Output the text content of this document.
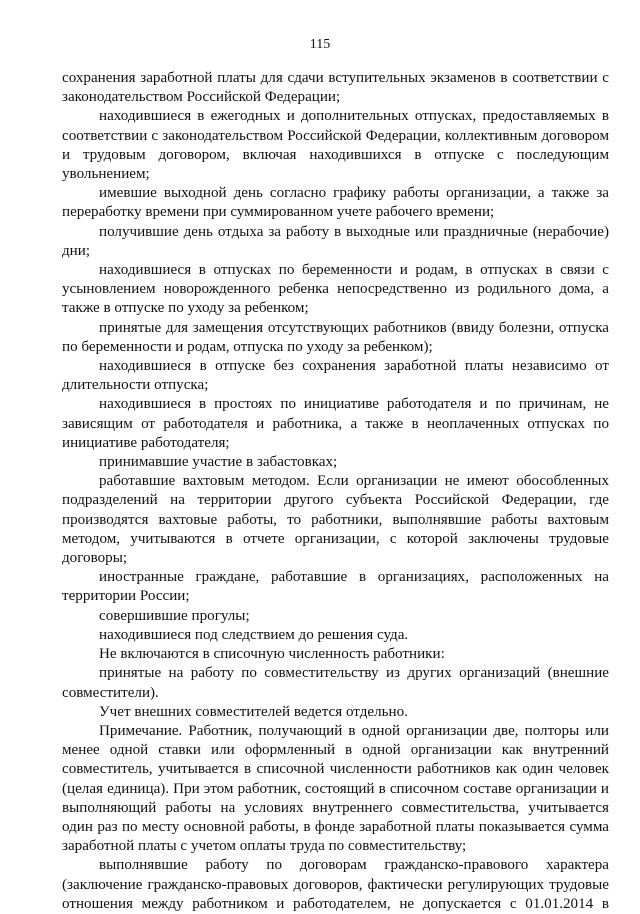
115

сохранения заработной платы для сдачи вступительных экзаменов в соответствии с законодательством Российской Федерации;

находившиеся в ежегодных и дополнительных отпусках, предоставляемых в соответствии с законодательством Российской Федерации, коллективным договором и трудовым договором, включая находившихся в отпуске с последующим увольнением;

имевшие выходной день согласно графику работы организации, а также за переработку времени при суммированном учете рабочего времени;

получившие день отдыха за работу в выходные или праздничные (нерабочие) дни;

находившиеся в отпусках по беременности и родам, в отпусках в связи с усыновлением новорожденного ребенка непосредственно из родильного дома, а также в отпуске по уходу за ребенком;

принятые для замещения отсутствующих работников (ввиду болезни, отпуска по беременности и родам, отпуска по уходу за ребенком);

находившиеся в отпуске без сохранения заработной платы независимо от длительности отпуска;

находившиеся в простоях по инициативе работодателя и по причинам, не зависящим от работодателя и работника, а также в неоплаченных отпусках по инициативе работодателя;

принимавшие участие в забастовках;

работавшие вахтовым методом. Если организации не имеют обособленных подразделений на территории другого субъекта Российской Федерации, где производятся вахтовые работы, то работники, выполнявшие работы вахтовым методом, учитываются в отчете организации, с которой заключены трудовые договоры;

иностранные граждане, работавшие в организациях, расположенных на территории России;

совершившие прогулы;

находившиеся под следствием до решения суда.

Не включаются в списочную численность работники:

принятые на работу по совместительству из других организаций (внешние совместители).

Учет внешних совместителей ведется отдельно.

Примечание. Работник, получающий в одной организации две, полторы или менее одной ставки или оформленный в одной организации как внутренний совместитель, учитывается в списочной численности работников как один человек (целая единица). При этом работник, состоящий в списочном составе организации и выполняющий работы на условиях внутреннего совместительства, учитывается один раз по месту основной работы, в фонде заработной платы показывается сумма заработной платы с учетом оплаты труда по совместительству;

выполнявшие работу по договорам гражданско-правового характера (заключение гражданско-правовых договоров, фактически регулирующих трудовые отношения между работником и работодателем, не допускается с 01.01.2014 в
